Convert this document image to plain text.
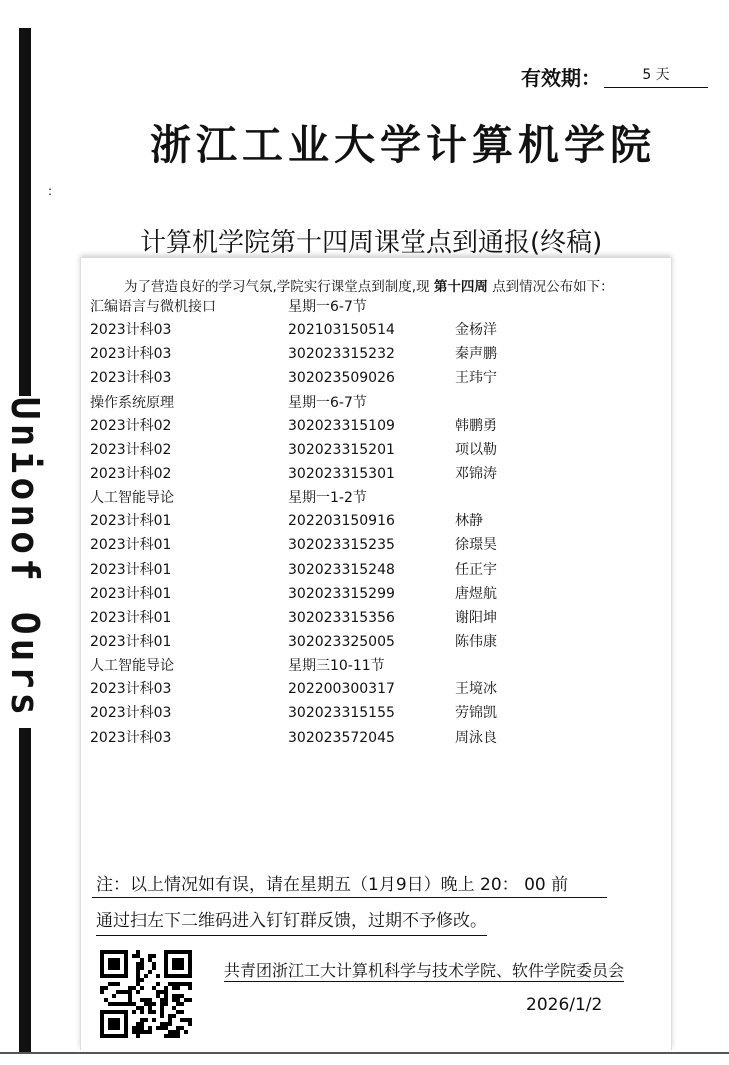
Unionof Ours
:
有效期：	5 天
浙江工业大学计算机学院
计算机学院第十四周课堂点到通报(终稿)
为了营造良好的学习气氛,学院实行课堂点到制度,现 第十四周 点到情况公布如下：
汇编语言与微机接口	星期一6-7节
2023计科03	202103150514	金杨洋
2023计科03	302023315232	秦声鹏
2023计科03	302023509026	王玮宁
操作系统原理	星期一6-7节
2023计科02	302023315109	韩鹏勇
2023计科02	302023315201	项以勒
2023计科02	302023315301	邓锦涛
人工智能导论	星期一1-2节
2023计科01	202203150916	林静
2023计科01	302023315235	徐璟昊
2023计科01	302023315248	任正宇
2023计科01	302023315299	唐煜航
2023计科01	302023315356	谢阳坤
2023计科01	302023325005	陈伟康
人工智能导论	星期三10-11节
2023计科03	202200300317	王境冰
2023计科03	302023315155	劳锦凯
2023计科03	302023572045	周泳良
注：以上情况如有误，请在星期五（1月9日）晚上 20： 00 前
通过扫左下二维码进入钉钉群反馈，过期不予修改。
共青团浙江工大计算机科学与技术学院、软件学院委员会
2026/1/2
